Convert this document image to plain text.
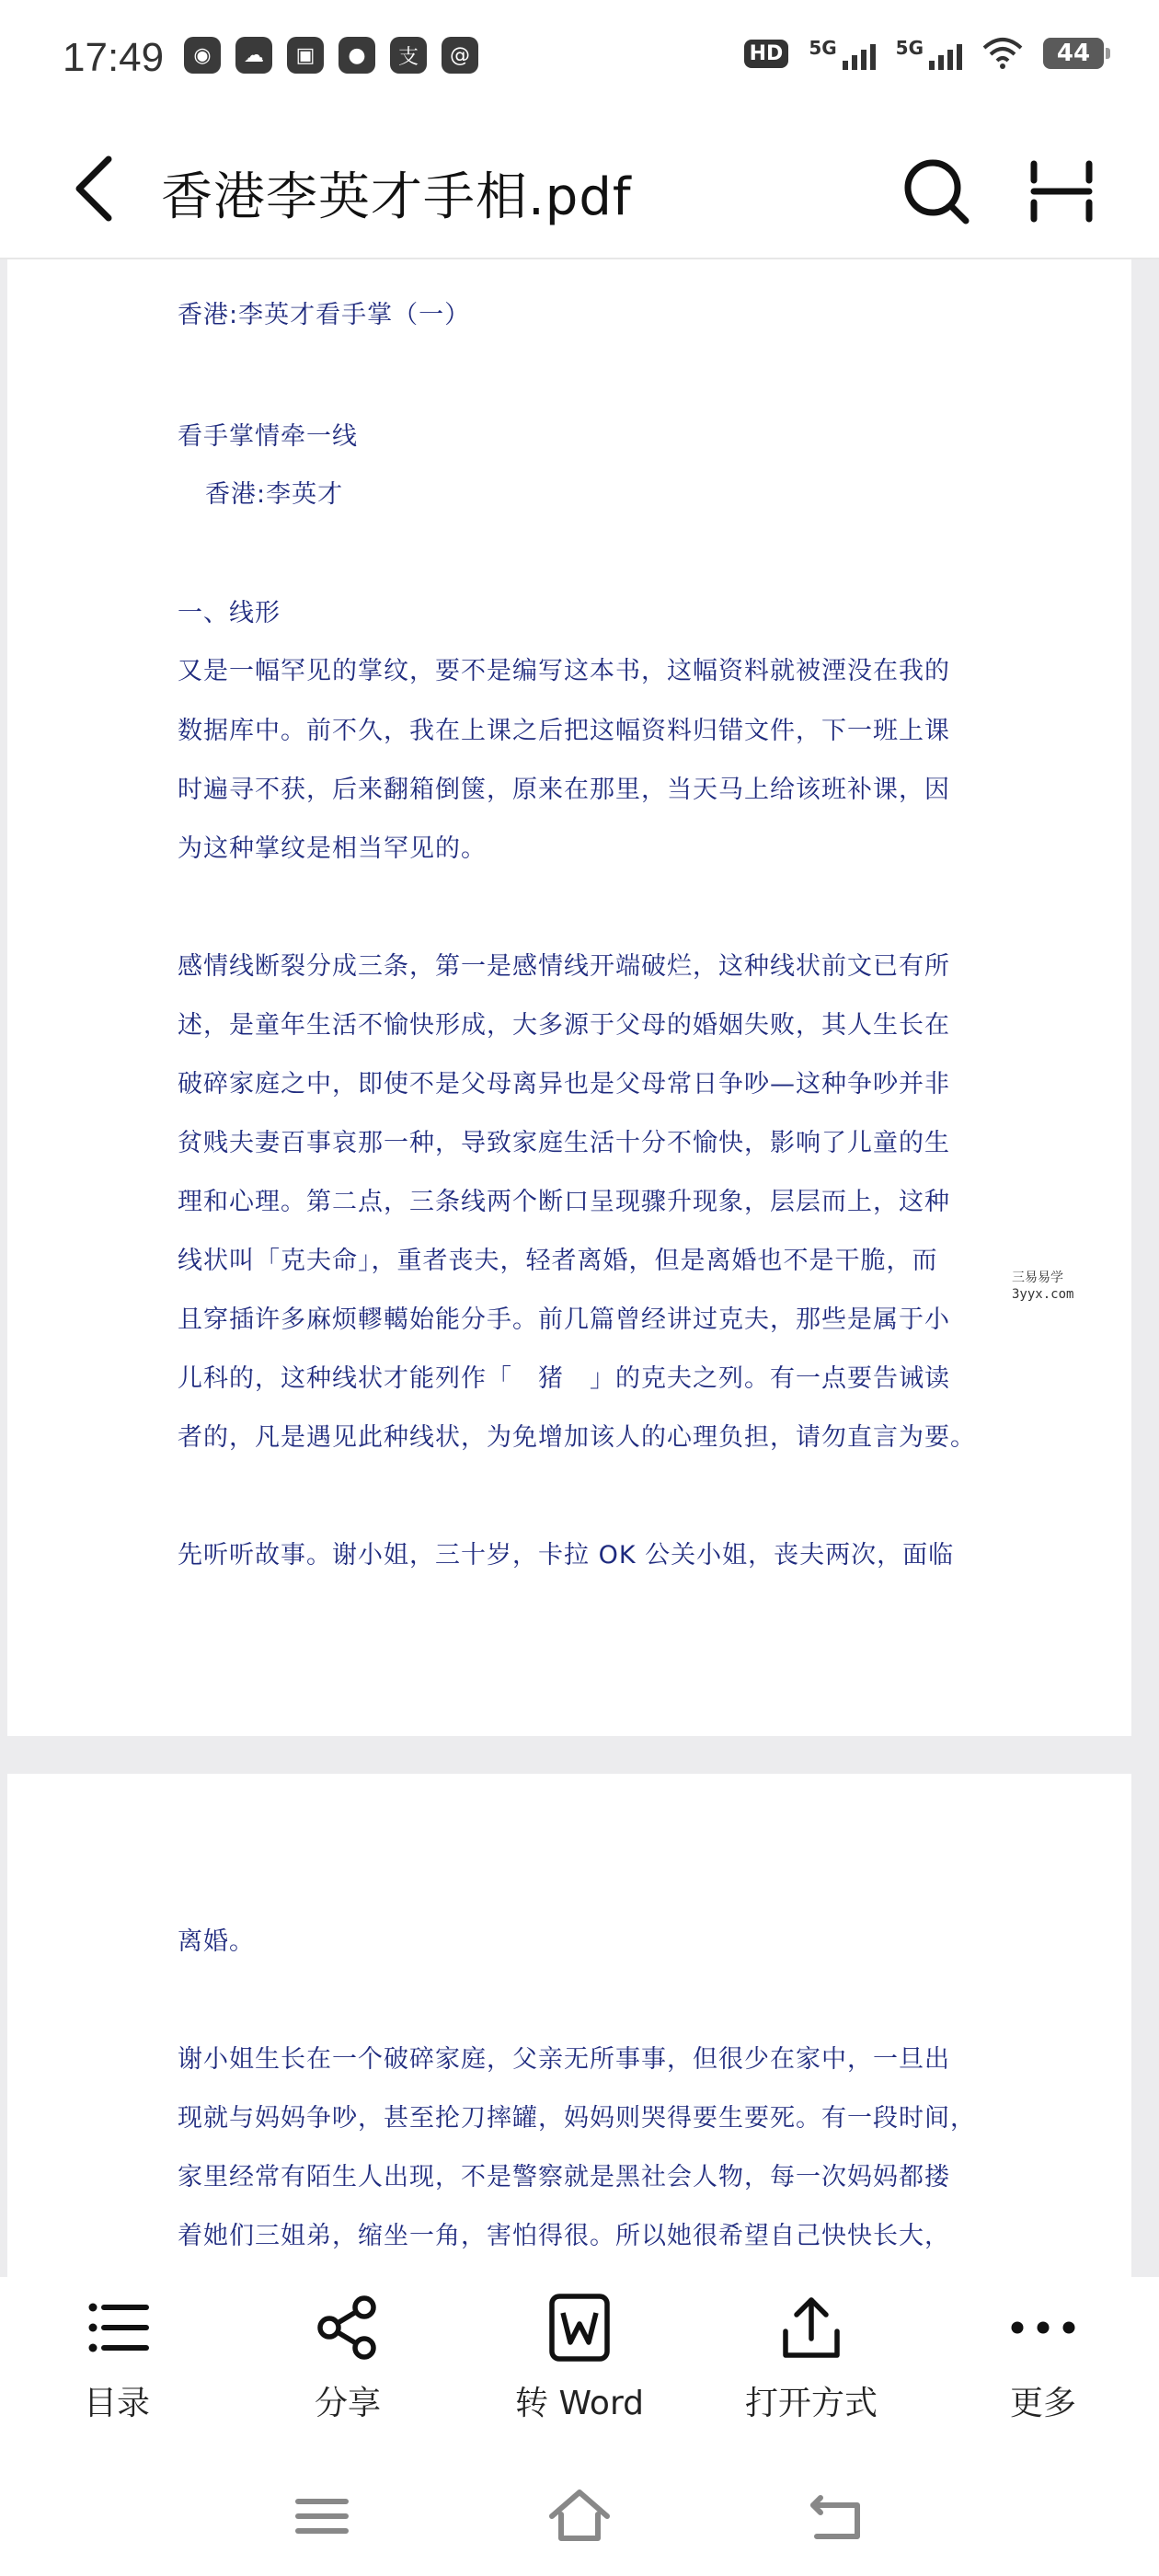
17:49	◉	☁	▣	●	支	@	HD	5G	5G	44
香港李英才手相.pdf
香港:李英才看手掌（一）
看手掌情牵一线
香港:李英才
一、线形
又是一幅罕见的掌纹，要不是编写这本书，这幅资料就被湮没在我的
数据库中。前不久，我在上课之后把这幅资料归错文件，下一班上课
时遍寻不获，后来翻箱倒箧，原来在那里，当天马上给该班补课，因
为这种掌纹是相当罕见的。
感情线断裂分成三条，第一是感情线开端破烂，这种线状前文已有所
述，是童年生活不愉快形成，大多源于父母的婚姻失败，其人生长在
破碎家庭之中，即使不是父母离异也是父母常日争吵—这种争吵并非
贫贱夫妻百事哀那一种，导致家庭生活十分不愉快，影响了儿童的生
理和心理。第二点，三条线两个断口呈现骤升现象，层层而上，这种
线状叫「克夫命」，重者丧夫，轻者离婚，但是离婚也不是干脆，而
且穿插许多麻烦轇轕始能分手。前几篇曾经讲过克夫，那些是属于小
儿科的，这种线状才能列作「　猪　」的克夫之列。有一点要告诫读
者的，凡是遇见此种线状，为免增加该人的心理负担，请勿直言为要。
先听听故事。谢小姐，三十岁，卡拉 OK 公关小姐，丧夫两次，面临
三易易学
3yyx.com
离婚。
谢小姐生长在一个破碎家庭，父亲无所事事，但很少在家中，一旦出
现就与妈妈争吵，甚至抡刀摔罐，妈妈则哭得要生要死。有一段时间，
家里经常有陌生人出现，不是警察就是黑社会人物，每一次妈妈都搂
着她们三姐弟，缩坐一角，害怕得很。所以她很希望自己快快长大，
目录	分享	转 Word	打开方式	更多
